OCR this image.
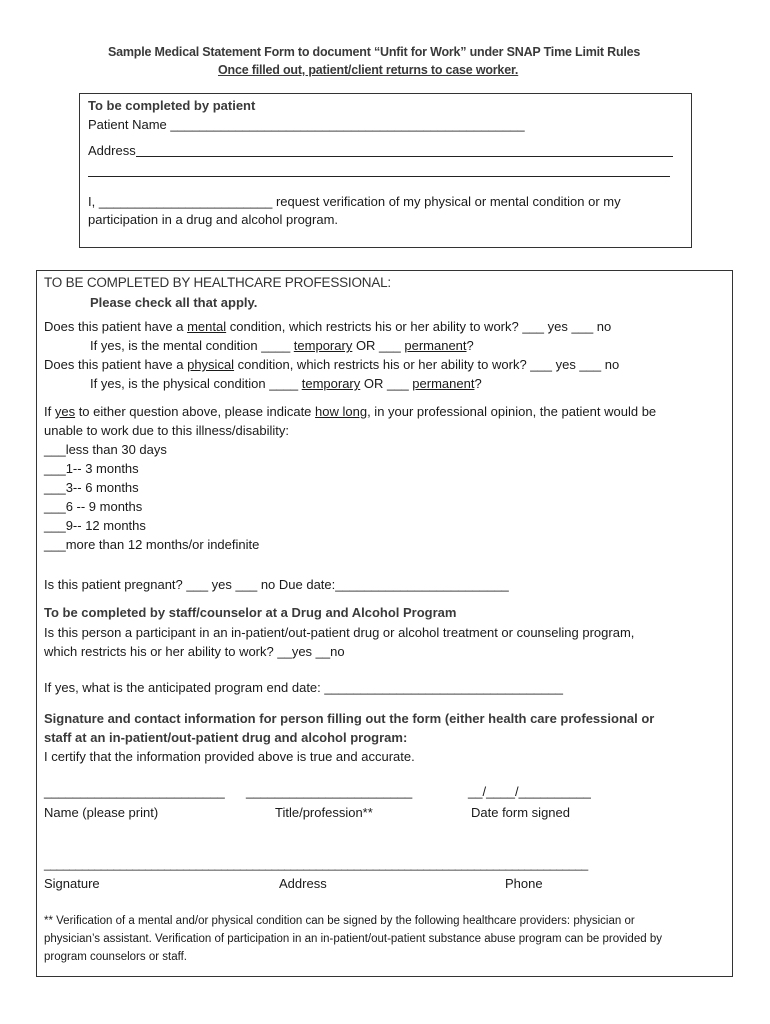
Sample Medical Statement Form to document “Unfit for Work” under SNAP Time Limit Rules
Once filled out, patient/client returns to case worker.
To be completed by patient
Patient Name _________________________________________________
Address
I, ________________________ request verification of my physical or mental condition or my
participation in a drug and alcohol program.
TO BE COMPLETED BY HEALTHCARE PROFESSIONAL:
Please check all that apply.
Does this patient have a mental condition, which restricts his or her ability to work? ___ yes ___ no
If yes, is the mental condition ____ temporary OR ___ permanent?
Does this patient have a physical condition, which restricts his or her ability to work? ___ yes ___ no
If yes, is the physical condition ____ temporary OR ___ permanent?
If yes to either question above, please indicate how long, in your professional opinion, the patient would be
unable to work due to this illness/disability:
___less than 30 days
___1-- 3 months
___3-- 6 months
___6 -- 9 months
___9-- 12 months
___more than 12 months/or indefinite
Is this patient pregnant? ___ yes ___ no Due date:________________________
To be completed by staff/counselor at a Drug and Alcohol Program
Is this person a participant in an in-patient/out-patient drug or alcohol treatment or counseling program,
which restricts his or her ability to work? __yes __no
If yes, what is the anticipated program end date: _________________________________
Signature and contact information for person filling out the form (either health care professional or
staff at an in-patient/out-patient drug and alcohol program:
I certify that the information provided above is true and accurate.
_________________________ _______________________	__/____/__________
Name (please print)	Title/profession**	Date form signed
______________________________________________________________________________________
Signature	Address	Phone
** Verification of a mental and/or physical condition can be signed by the following healthcare providers: physician or
physician’s assistant. Verification of participation in an in-patient/out-patient substance abuse program can be provided by
program counselors or staff.
